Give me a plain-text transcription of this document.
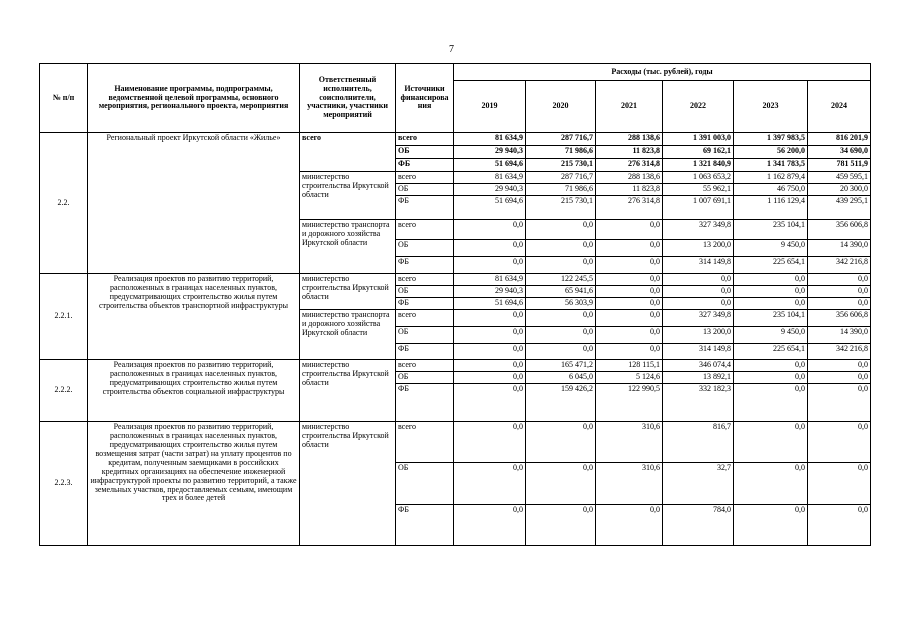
7
№ п/п	Наименование программы, подпрограммы, ведомственной целевой программы, основного мероприятия, регионального проекта, мероприятия	Ответственный исполнитель, соисполнители, участники, участники мероприятий	Источники финансирова ния	Расходы (тыс. рублей), годы					
				2019	2020	2021	2022	2023	2024
2.2.	Региональный проект Иркутской области «Жилье»	всего	всего	81 634,9	287 716,7	288 138,6	1 391 003,0	1 397 983,5	816 201,9
			ОБ	29 940,3	71 986,6	11 823,8	69 162,1	56 200,0	34 690,0
			ФБ	51 694,6	215 730,1	276 314,8	1 321 840,9	1 341 783,5	781 511,9
		министерство строительства Иркутской области	всего	81 634,9	287 716,7	288 138,6	1 063 653,2	1 162 879,4	459 595,1
			ОБ	29 940,3	71 986,6	11 823,8	55 962,1	46 750,0	20 300,0
			ФБ	51 694,6	215 730,1	276 314,8	1 007 691,1	1 116 129,4	439 295,1
		министерство транспорта и дорожного хозяйства Иркутской области	всего	0,0	0,0	0,0	327 349,8	235 104,1	356 606,8
			ОБ	0,0	0,0	0,0	13 200,0	9 450,0	14 390,0
			ФБ	0,0	0,0	0,0	314 149,8	225 654,1	342 216,8
2.2.1.	Реализация проектов по развитию территорий, расположенных в границах населенных пунктов, предусматривающих строительство жилья путем строительства объектов транспортной инфраструктуры	министерство строительства Иркутской области	всего	81 634,9	122 245,5	0,0	0,0	0,0	0,0
			ОБ	29 940,3	65 941,6	0,0	0,0	0,0	0,0
			ФБ	51 694,6	56 303,9	0,0	0,0	0,0	0,0
		министерство транспорта и дорожного хозяйства Иркутской области	всего	0,0	0,0	0,0	327 349,8	235 104,1	356 606,8
			ОБ	0,0	0,0	0,0	13 200,0	9 450,0	14 390,0
			ФБ	0,0	0,0	0,0	314 149,8	225 654,1	342 216,8
2.2.2.	Реализация проектов по развитию территорий, расположенных в границах населенных пунктов, предусматривающих строительство жилья путем строительства объектов социальной инфраструктуры	министерство строительства Иркутской области	всего	0,0	165 471,2	128 115,1	346 074,4	0,0	0,0
			ОБ	0,0	6 045,0	5 124,6	13 892,1	0,0	0,0
			ФБ	0,0	159 426,2	122 990,5	332 182,3	0,0	0,0
2.2.3.	Реализация проектов по развитию территорий, расположенных в границах населенных пунктов, предусматривающих строительство жилья путем возмещения затрат (части затрат) на уплату процентов по кредитам, полученным заемщиками в российских кредитных организациях на обеспечение инженерной инфраструктурой проекты по развитию территорий, а также земельных участков, предоставляемых семьям, имеющим трех и более детей	министерство строительства Иркутской области	всего	0,0	0,0	310,6	816,7	0,0	0,0
			ОБ	0,0	0,0	310,6	32,7	0,0	0,0
			ФБ	0,0	0,0	0,0	784,0	0,0	0,0
